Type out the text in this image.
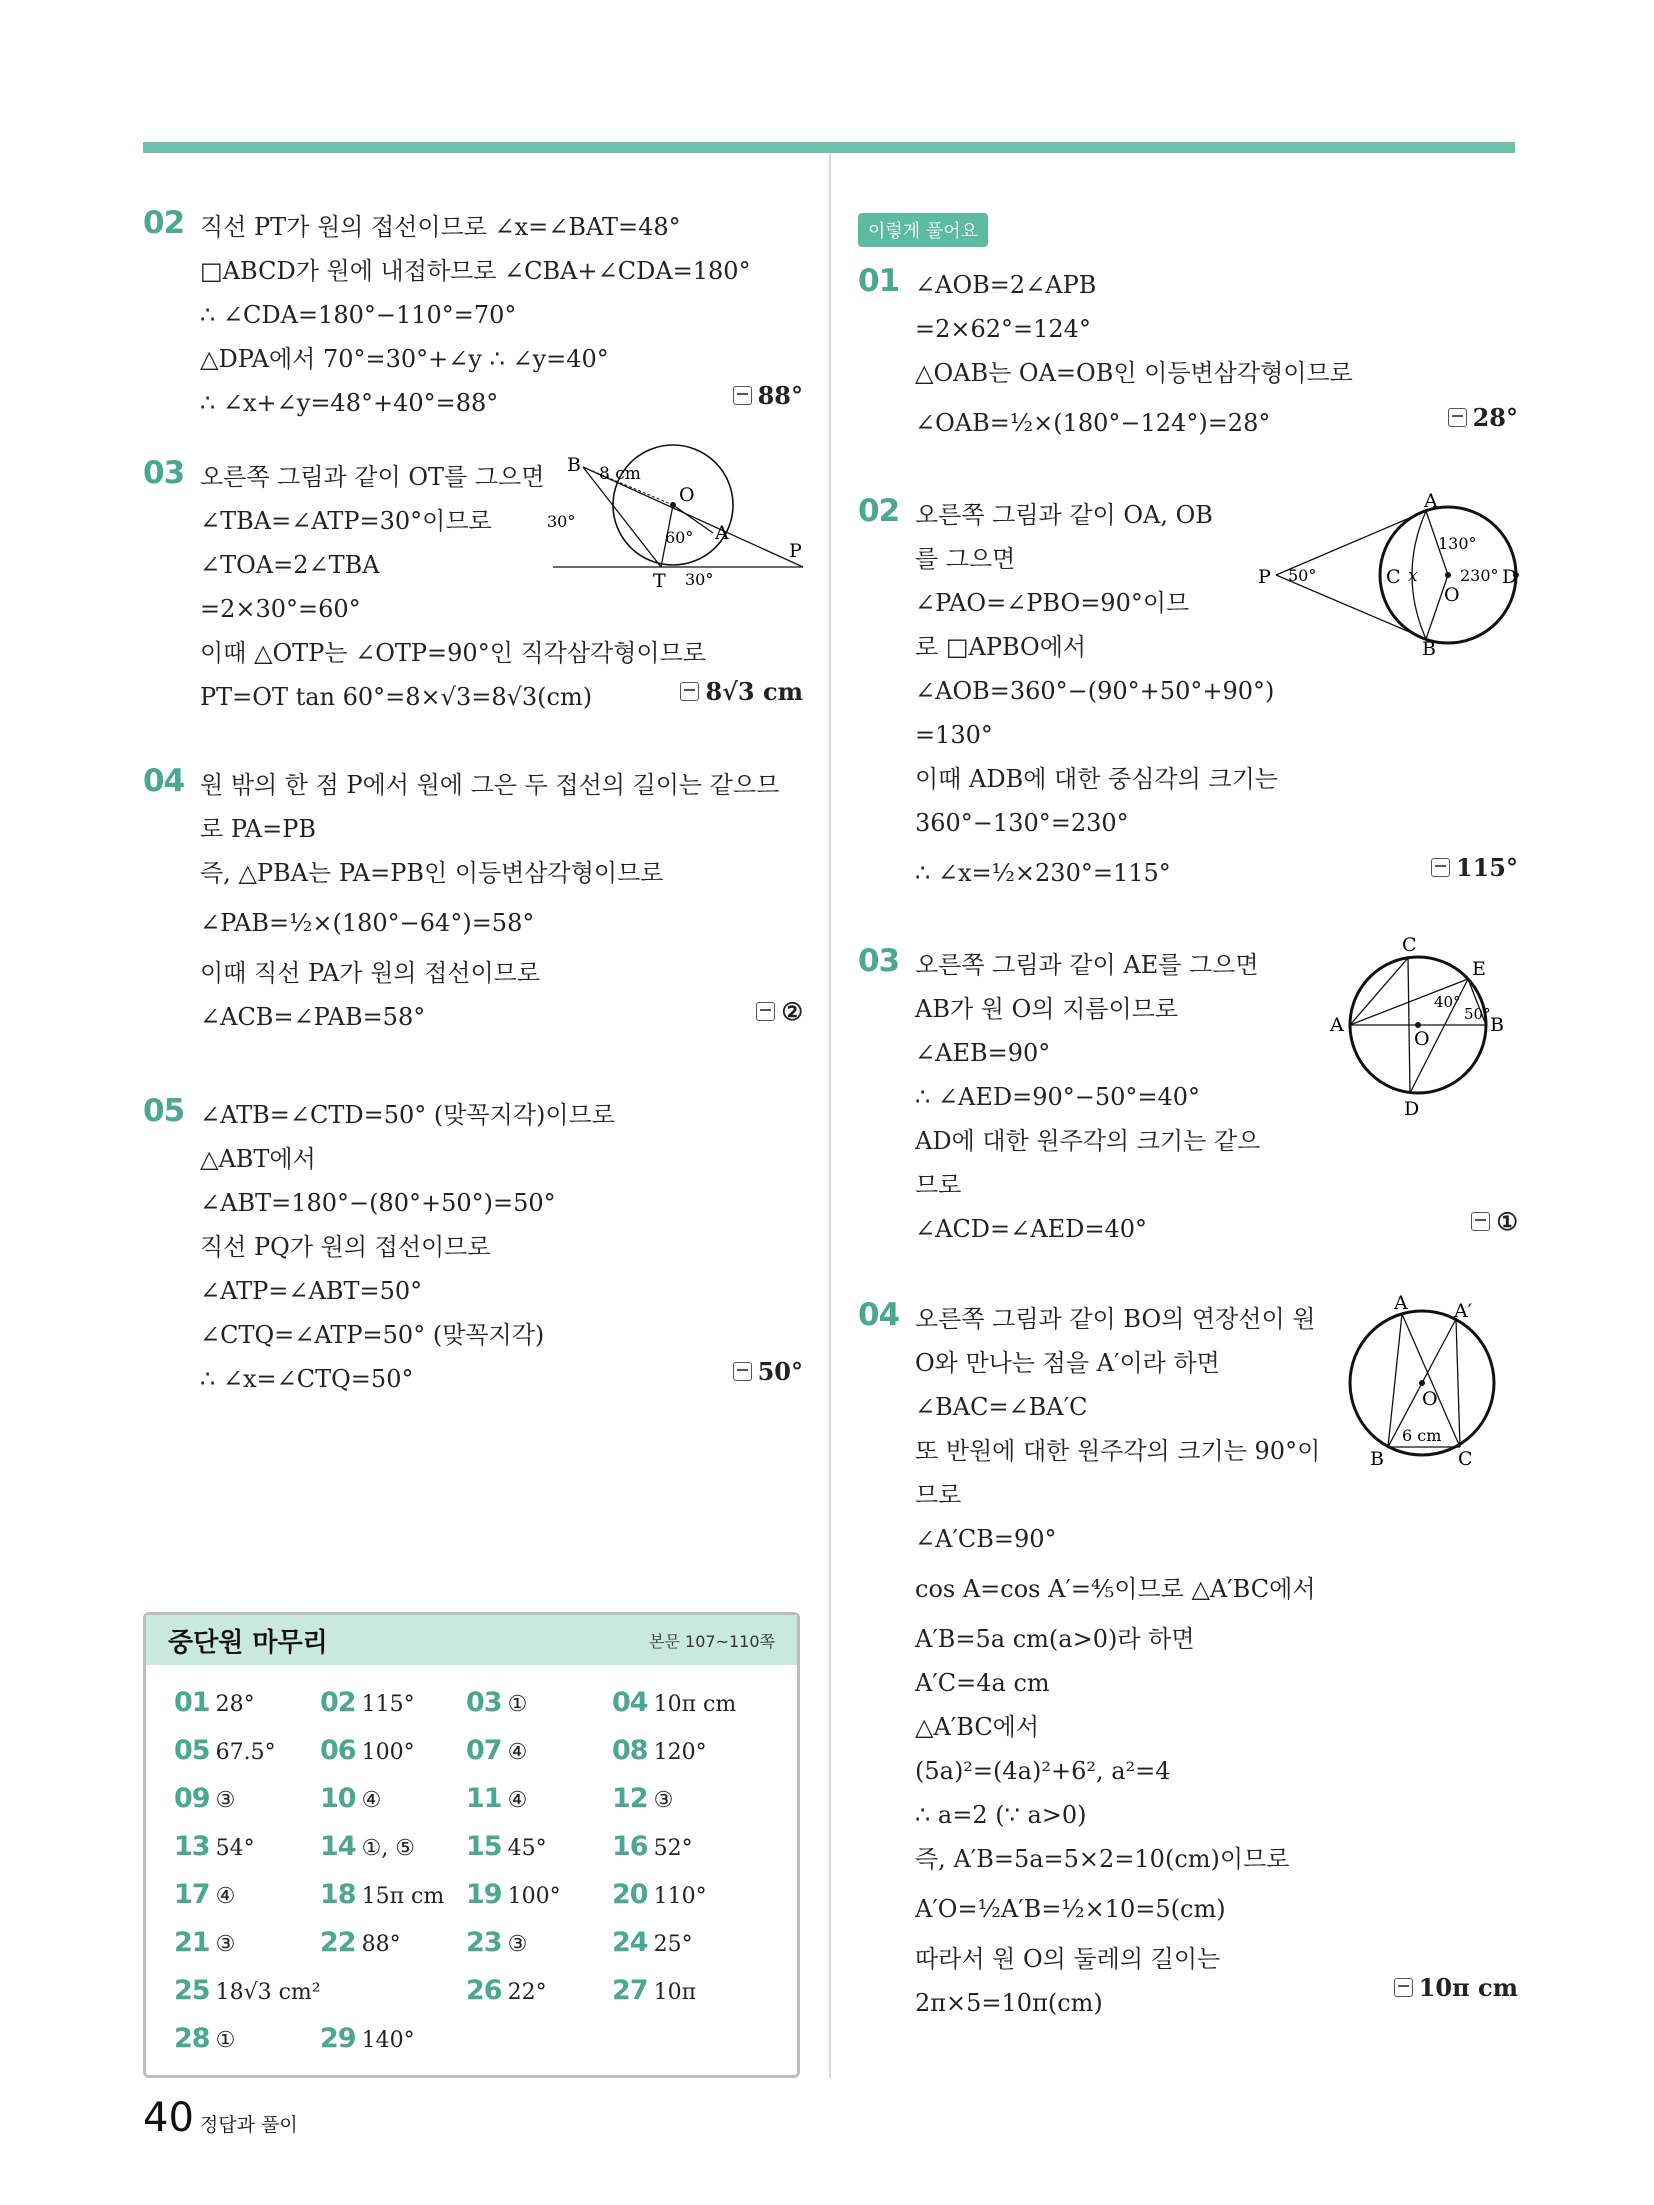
02 직선 PT가 원의 접선이므로 ∠x=∠BAT=48°
□ABCD가 원에 내접하므로 ∠CBA+∠CDA=180°
∴ ∠CDA=180°−110°=70°
△DPA에서 70°=30°+∠y ∴ ∠y=40°
∴ ∠x+∠y=48°+40°=88°	88°
03 오른쪽 그림과 같이 OT를 그으면
∠TBA=∠ATP=30°이므로
∠TOA=2∠TBA
=2×30°=60°
이때 △OTP는 ∠OTP=90°인 직각삼각형이므로
PT=OT tan 60°=8×√3=8√3(cm)	8√3 cm
B
O
A
P
T
8 cm
30°
60°
30°
04 원 밖의 한 점 P에서 원에 그은 두 접선의 길이는 같으므
로 PA=PB
즉, △PBA는 PA=PB인 이등변삼각형이므로
∠PAB=½×(180°−64°)=58°
이때 직선 PA가 원의 접선이므로
∠ACB=∠PAB=58°	②
05 ∠ATB=∠CTD=50° (맞꼭지각)이므로
△ABT에서
∠ABT=180°−(80°+50°)=50°
직선 PQ가 원의 접선이므로
∠ATP=∠ABT=50°
∠CTQ=∠ATP=50° (맞꼭지각)
∴ ∠x=∠CTQ=50°	50°
중단원 마무리	본문 107~110쪽
01 28° 02 115° 03 ①	04 10π cm
05 67.5° 06 100° 07 ④	08 120°
09 ③	10 ④	11 ④	12 ③
13 54° 14 ①, ⑤ 15 45° 16 52°
17 ④	18 15π cm 19 100° 20 110°
21 ③	22 88° 23 ③	24 25°
25 18√3 cm²	26 22° 27 10π
28 ①	29 140°
이렇게 풀어요
01 ∠AOB=2∠APB
=2×62°=124°
△OAB는 OA=OB인 이등변삼각형이므로
∠OAB=½×(180°−124°)=28°	28°
02 오른쪽 그림과 같이 OA, OB
를 그으면
∠PAO=∠PBO=90°이므
로 □APBO에서
∠AOB=360°−(90°+50°+90°)
=130°
이때 ADB에 대한 중심각의 크기는
360°−130°=230°
∴ ∠x=½×230°=115°	115°
A
B
C	D
O
P	x
50°
130°
230°
03 오른쪽 그림과 같이 AE를 그으면
AB가 원 O의 지름이므로
∠AEB=90°
∴ ∠AED=90°−50°=40°
AD에 대한 원주각의 크기는 같으
므로
∠ACD=∠AED=40°	①
C
E
A	B
O
D
40°
50°
04 오른쪽 그림과 같이 BO의 연장선이 원
O와 만나는 점을 A′이라 하면
∠BAC=∠BA′C
또 반원에 대한 원주각의 크기는 90°이
므로
∠A′CB=90°
cos A=cos A′=⅘이므로 △A′BC에서
A′B=5a cm(a>0)라 하면
A′C=4a cm
△A′BC에서
(5a)²=(4a)²+6², a²=4
∴ a=2 (∵ a>0)
즉, A′B=5a=5×2=10(cm)이므로
A′O=½A′B=½×10=5(cm)
따라서 원 O의 둘레의 길이는
2π×5=10π(cm)
10π cm
A A′
B	C
O
6 cm
40 정답과 풀이
